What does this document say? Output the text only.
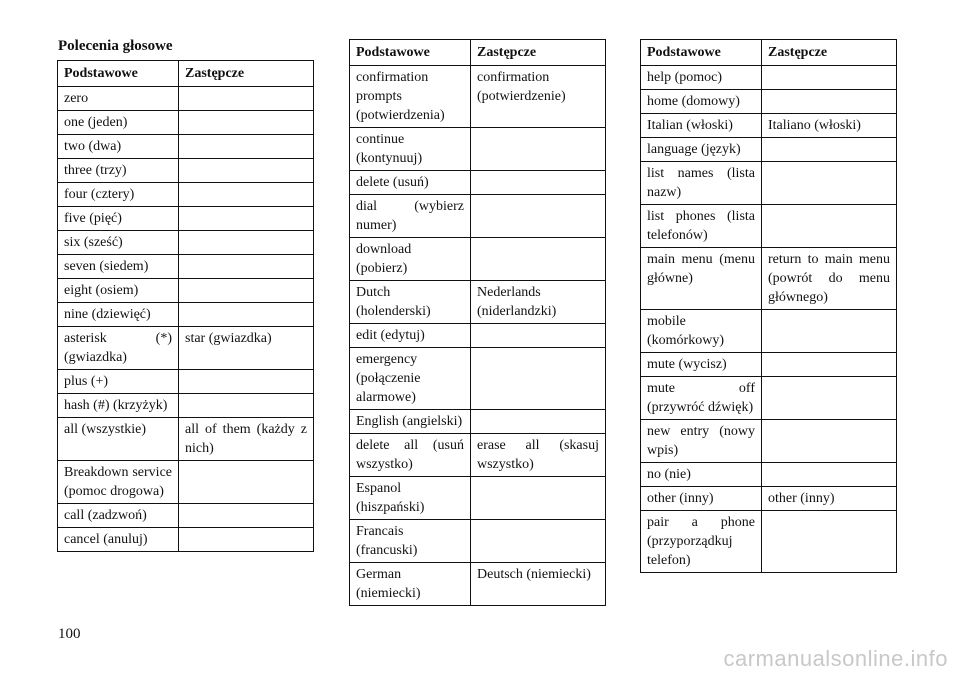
Polecenia głosowe
Podstawowe	Zastępcze
zero	
one (jeden)	
two (dwa)	
three (trzy)	
four (cztery)	
five (pięć)	
six (sześć)	
seven (siedem)	
eight (osiem)	
nine (dziewięć)	
asterisk (*) (gwiazdka)	star (gwiazdka)
plus (+)	
hash (#) (krzyżyk)	
all (wszystkie)	all of them (każdy z nich)
Breakdown service (pomoc drogowa)	
call (zadzwoń)	
cancel (anuluj)	
Podstawowe	Zastępcze
confirmation prompts (potwierdzenia)	confirmation (potwierdzenie)
continue (kontynuuj)	
delete (usuń)	
dial (wybierz numer)	
download (pobierz)	
Dutch (holenderski)	Nederlands (niderlandzki)
edit (edytuj)	
emergency (połączenie alarmowe)	
English (angielski)	
delete all (usuń wszystko)	erase all (skasuj wszystko)
Espanol (hiszpański)	
Francais (francuski)	
German (niemiecki)	Deutsch (niemiecki)
Podstawowe	Zastępcze
help (pomoc)	
home (domowy)	
Italian (włoski)	Italiano (włoski)
language (język)	
list names (lista nazw)	
list phones (lista telefonów)	
main menu (menu główne)	return to main menu (powrót do menu głównego)
mobile (komórkowy)	
mute (wycisz)	
mute off (przywróć dźwięk)	
new entry (nowy wpis)	
no (nie)	
other (inny)	other (inny)
pair a phone (przyporządkuj telefon)	
100
carmanualsonline.info
